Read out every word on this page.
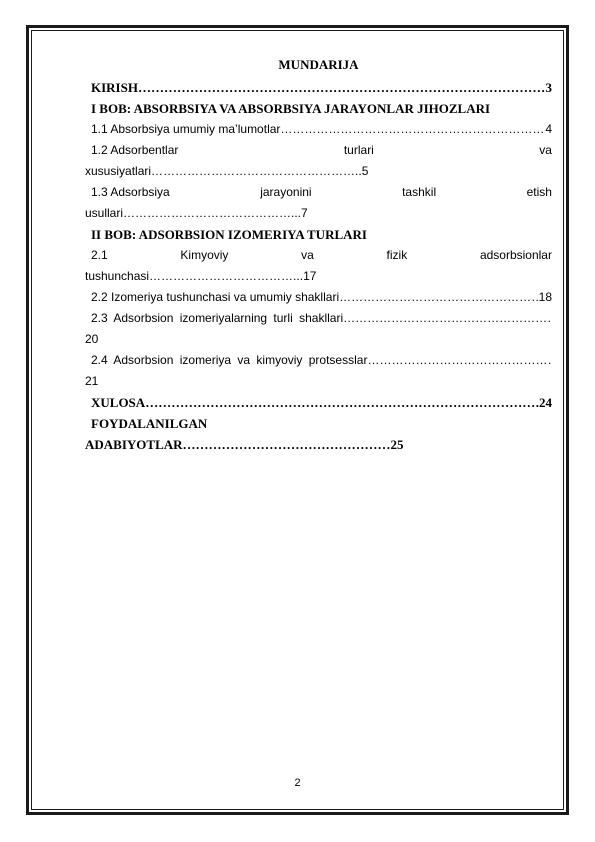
MUNDARIJA
KIRISH ……………………………………………………………………………………………………………………	3
I BOB: ABSORBSIYA VA ABSORBSIYA JARAYONLAR JIHOZLARI
1.1 Absorbsiya umumiy ma’lumotlar ……………………………………………………………………………………………………………………	4
1.2 Adsorbentlar	turlari	va
xususiyatlari……………………………………………..5
1.3 Adsorbsiya	jarayonini	tashkil	etish
usullari……………………………………...7
II BOB: ADSORBSION IZOMERIYA TURLARI
2.1	Kimyoviy	va	fizik	adsorbsionlar
tushunchasi………………………………...17
2.2 Izomeriya tushunchasi va umumiy shakllari ……………………………………………………………………………………………………………………	18
2.3 Adsorbsion izomeriyalarning turli shakllari
……………………………………………………………………………………………………………………
20
2.4 Adsorbsion izomeriya va kimyoviy protsesslar
……………………………………………………………………………………………………………………
21
XULOSA ……………………………………………………………………………………………………………………	24
FOYDALANILGAN
ADABIYOTLAR…………………………………………25
2
